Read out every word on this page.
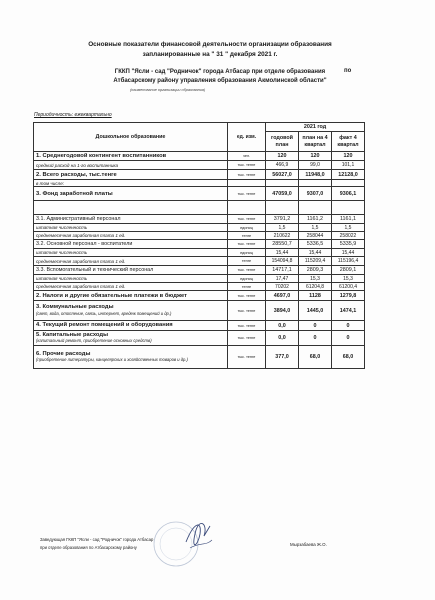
Основные показатели финансовой деятельности организации образования
запланированные на " 31 " декабря 2021 г.
ГККП "Ясли - сад "Родничок" города Атбасар при отделе образования
Атбасарскому району управления образования Акмолинской области"
по
(наименование организации образования)
Периодичность: ежеквартально
Дошкольное образование	ед. изм.	2021 год		
		годовой план	план на 4 квартал	факт 4 квартал
1. Среднегодовой контингент воспитанников	чел.	120	120	120
средний расход на 1-го воспитанника	тыс. тенге	466,9	99,0	101,1
2. Всего расходы, тыс.тенге	тыс. тенге	56027,0	11948,0	12128,0
в том числе:				
3. Фонд заработной платы	тыс. тенге	47059,0	9307,0	9306,1

3.1. Административный персонал	тыс. тенге	3791,2	1161,2	1161,1
штатная численность	единиц	1,5	1,5	1,5
среднемесячная заработная плата 1 ед.	тенге	210622	258044	258022
3.2. Основной персонал - воспитатели	тыс. тенге	28550,7	5336,5	5335,9
штатная численность	единиц	15,44	15,44	15,44
среднемесячная заработная плата 1 ед.	тенге	154094,8	115209,4	115196,4
3.3. Вспомогательный и технический персонал	тыс. тенге	14717,1	2809,3	2809,1
штатная численность	единиц	17,47	15,3	15,3
среднемесячная заработная плата 1 ед.	тенге	70202	61204,8	61200,4
2. Налоги и другие обязательные платежи в бюджет	тыс. тенге	4697,0	1128	1279,8
3. Коммунальные расходы
(свет, вода, отопление, связь, интернет, вредеж помещений и др.)	тыс. тенге	3894,0	1445,0	1474,1
4. Текущий ремонт помещений и оборудования	тыс. тенге	0,0	0	0
5. Капитальные расходы
(капитальный ремонт, приобретение основных средств)	тыс. тенге	0,0	0	0
6. Прочие расходы
(приобретение литературы, канцелярских и хозяйственных товаров и др.)	тыс. тенге	377,0	68,0	68,0
Заведующая ГККП "Ясли - сад "Родничок" города Атбасар
при отделе образования по Атбасарскому району
Мырзабаева Ж.О.
